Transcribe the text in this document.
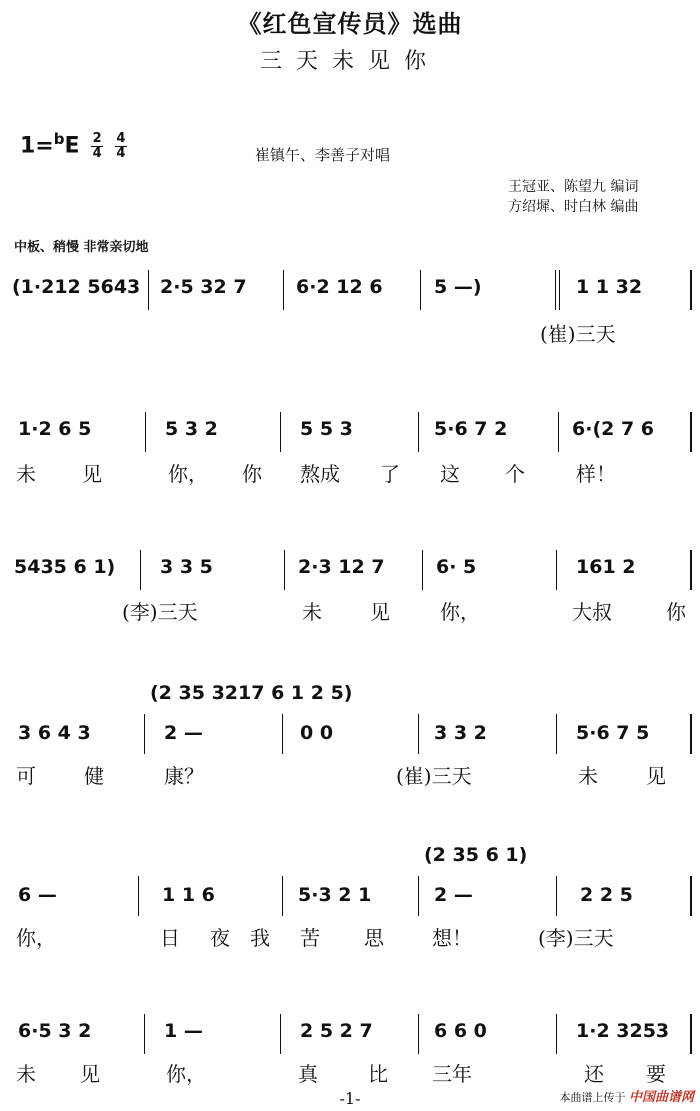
《红色宣传员》选曲
三天未见你
$1=^bE \frac{2}{4}$
$\frac{4}{4}$	崔镇午、李善子对唱
王冠亚、陈望九 编词
方绍墀、时白林 编曲
中板、稍慢 非常亲切地
(1·212 5643 2·5 32 7	6·2 12 6	5 —)	1 1 32
(崔)三天
1·2 6 5	5 3 2	5 5 3	5·6 7 2	6·(2 7 6
未 见	你， 你 熬成 了 这 个	样！
5435 6 1) 3 3 5	2·3 12 7	6· 5	161 2
(李)三天	未 见	你，	大叔	你
(2 35 3217 6 1 2 5)
3 6 4 3	2 —	0 0	3 3 2	5·6 7 5
可 健	康？	(崔)三天	未 见
(2 35 6 1)
6 —	1 1 6	5·3 2 1	2 —	2 2 5
你，	日 夜 我 苦 思 想！	(李)三天
6·5 3 2	1 —	2 5 2 7	6 6 0	1·2 3253
未 见	你，	真	比 三年	还 要
-1-	本曲谱上传于 中国曲谱网
